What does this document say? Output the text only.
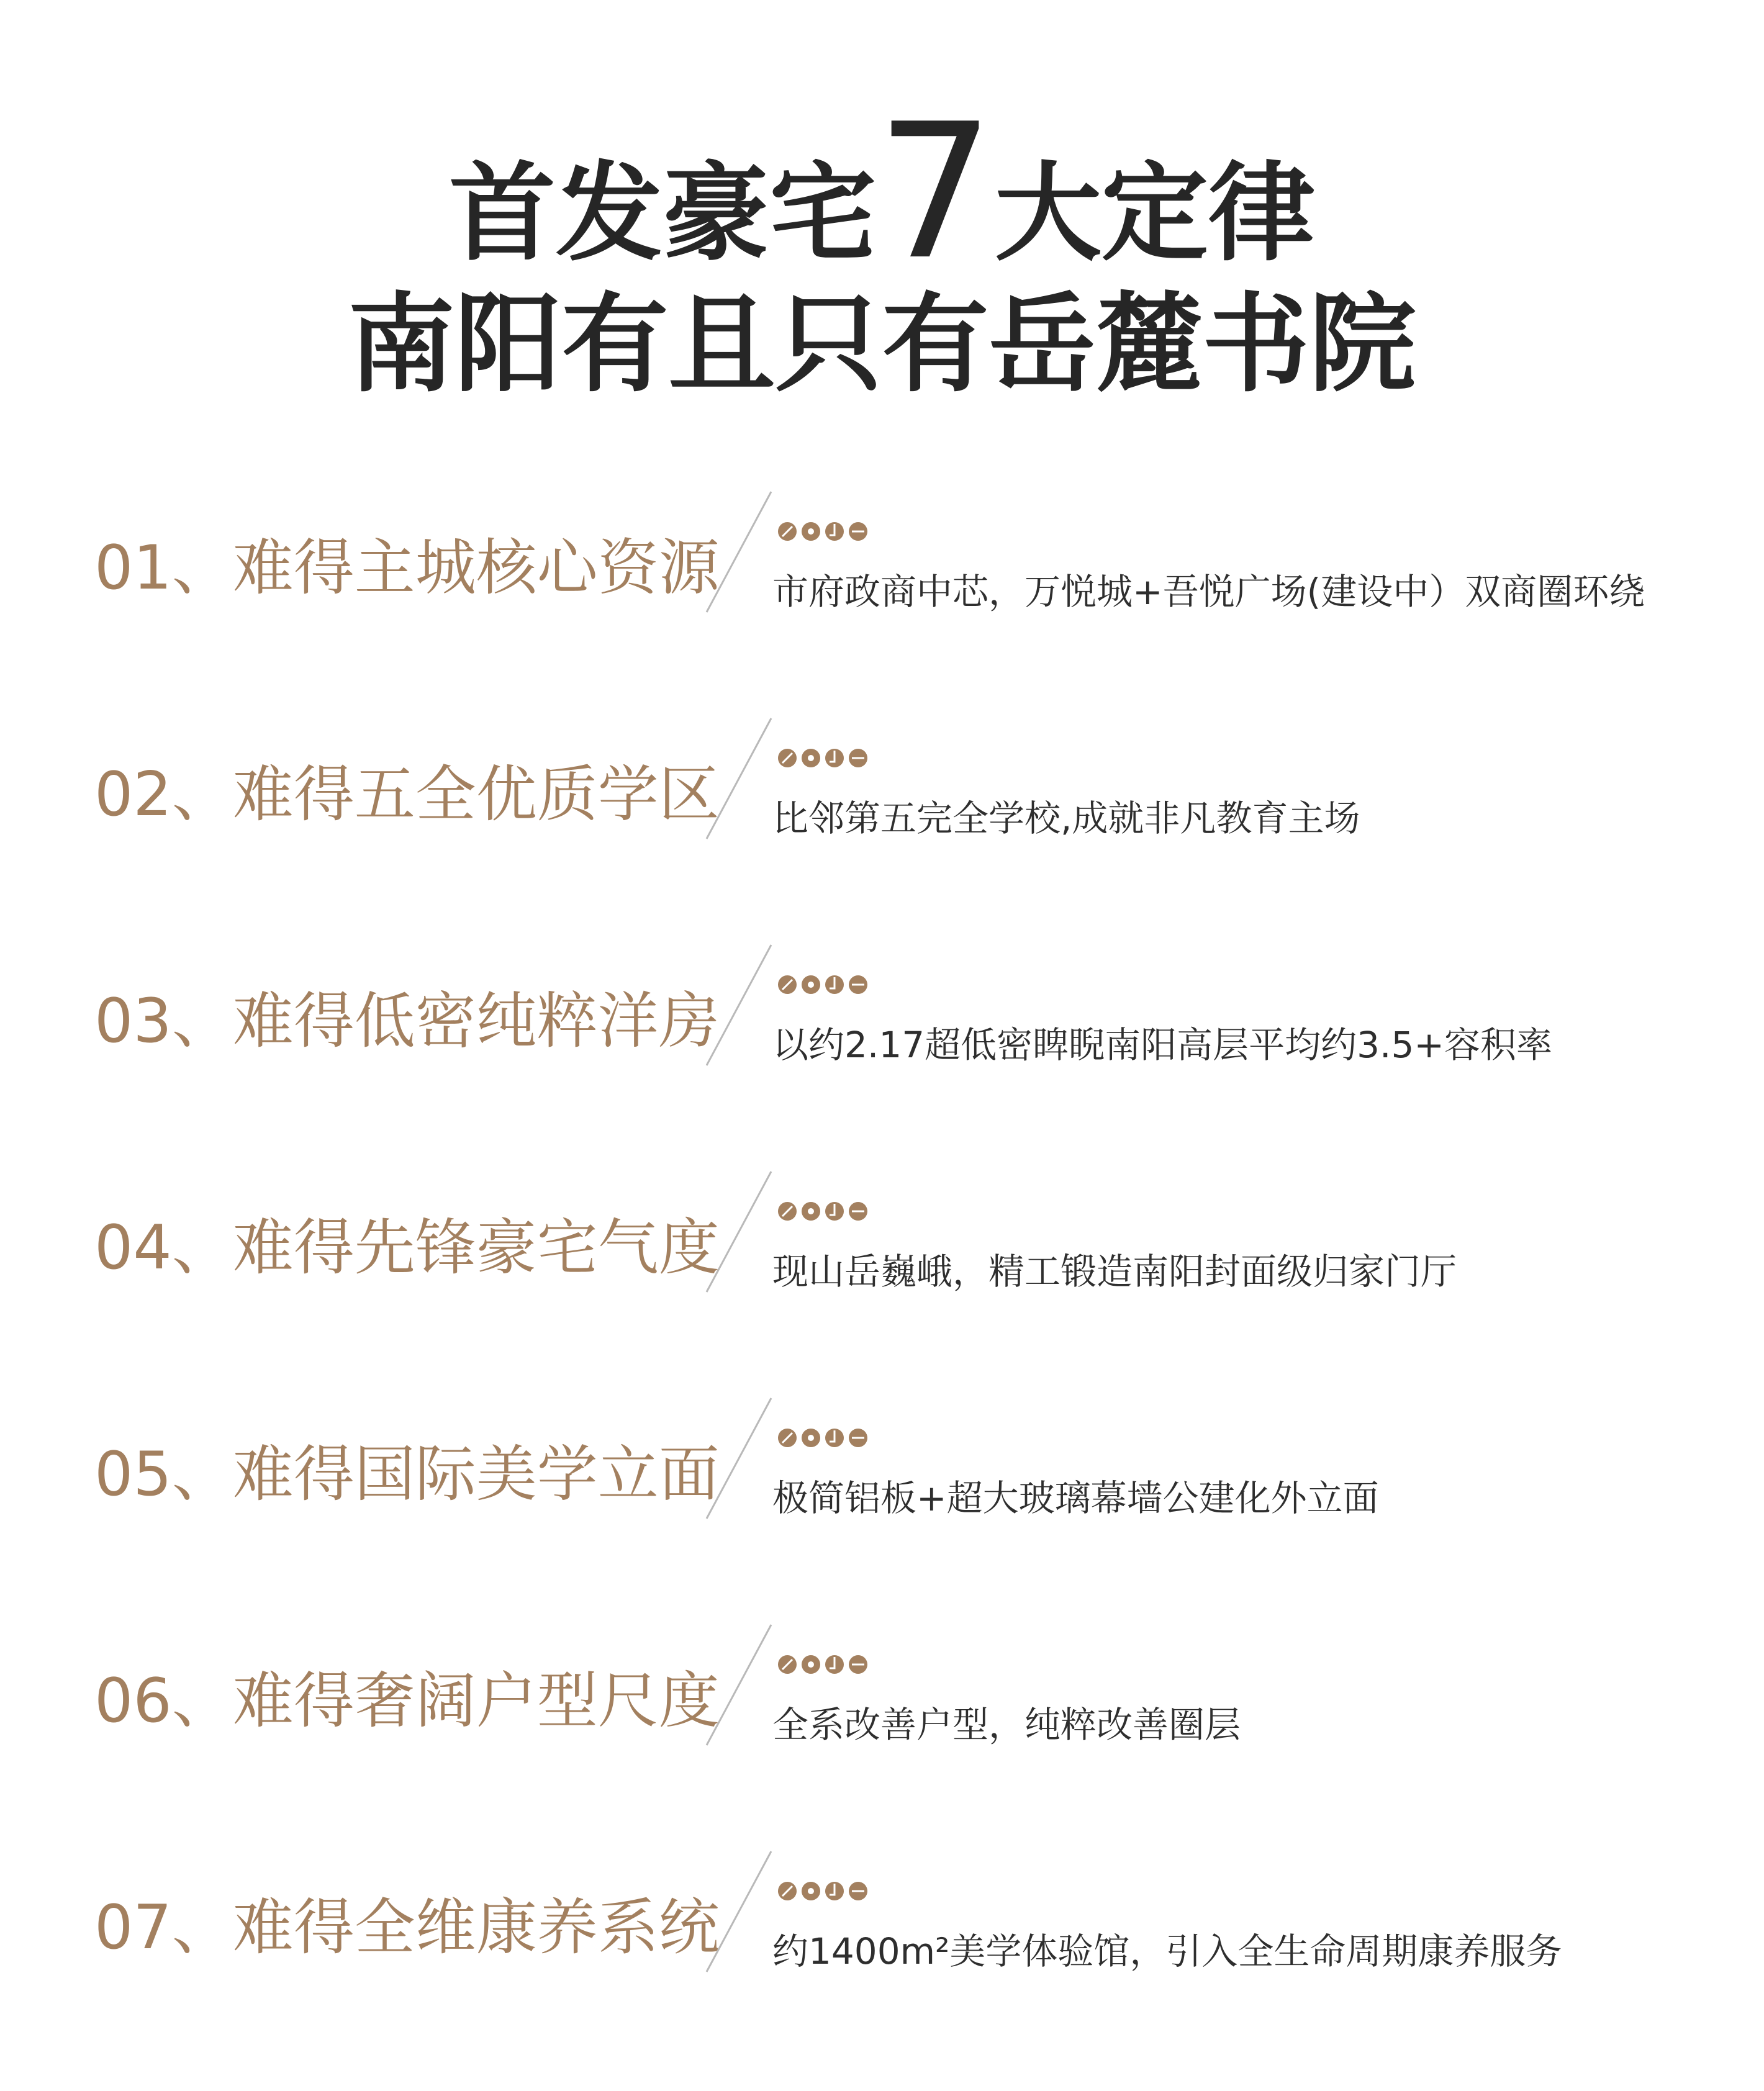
首发豪宅7大定律
南阳有且只有岳麓书院
01、难得主城核心资源 市府政商中芯，万悦城+吾悦广场(建设中）双商圈环绕
02、难得五全优质学区 比邻第五完全学校,成就非凡教育主场
03、难得低密纯粹洋房 以约2.17超低密睥睨南阳高层平均约3.5+容积率
04、难得先锋豪宅气度 现山岳巍峨，精工锻造南阳封面级归家门厅
05、难得国际美学立面 极简铝板+超大玻璃幕墙公建化外立面
06、难得奢阔户型尺度 全系改善户型，纯粹改善圈层
07、难得全维康养系统 约1400m²美学体验馆，引入全生命周期康养服务
